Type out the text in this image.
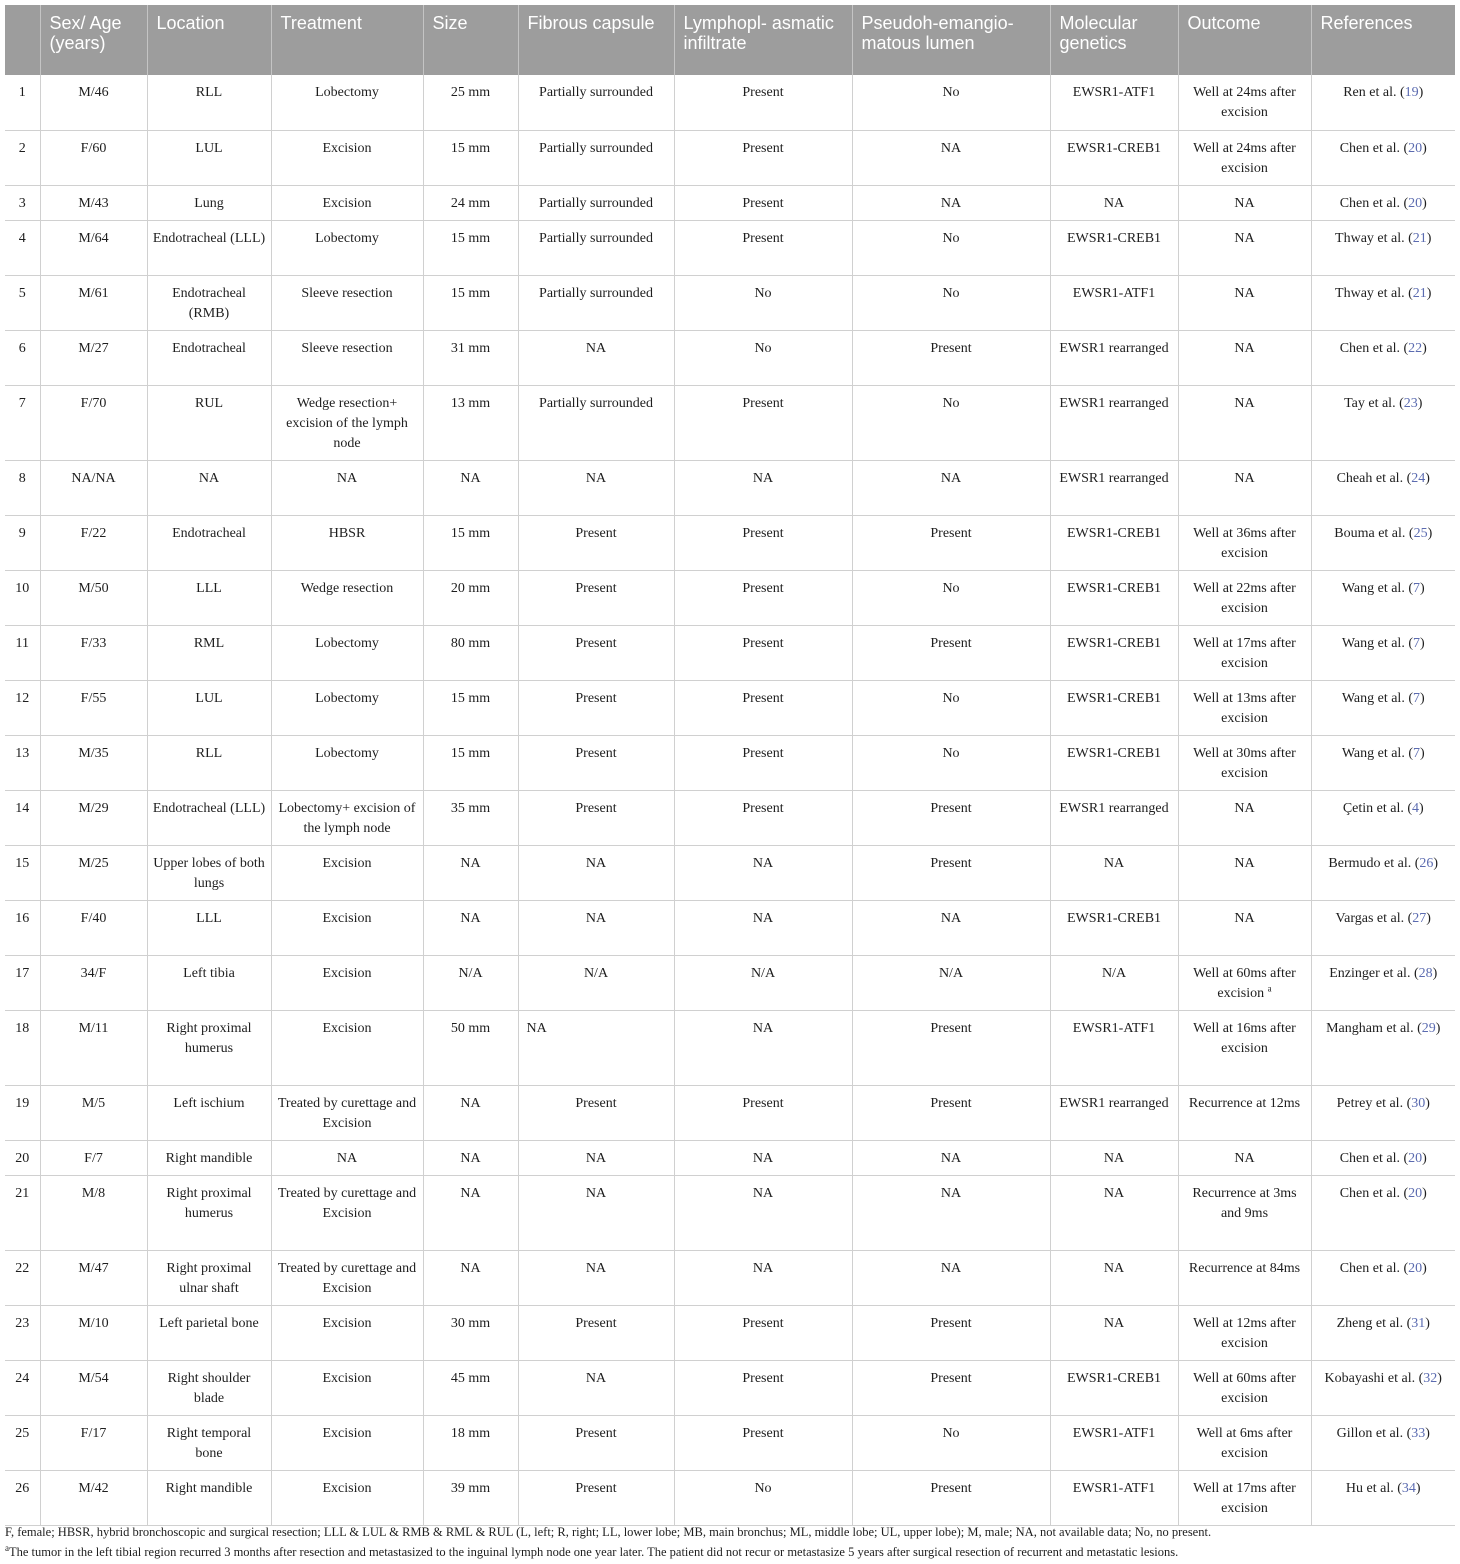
	Sex/ Age (years)	Location	Treatment	Size	Fibrous capsule	Lymphopl- asmatic infiltrate	Pseudoh-emangio- matous lumen	Molecular genetics	Outcome	References
1	M/46	RLL	Lobectomy	25 mm	Partially surrounded	Present	No	EWSR1-ATF1	Well at 24ms after excision	Ren et al. (19)
2	F/60	LUL	Excision	15 mm	Partially surrounded	Present	NA	EWSR1-CREB1	Well at 24ms after excision	Chen et al. (20)
3	M/43	Lung	Excision	24 mm	Partially surrounded	Present	NA	NA	NA	Chen et al. (20)
4	M/64	Endotracheal (LLL)	Lobectomy	15 mm	Partially surrounded	Present	No	EWSR1-CREB1	NA	Thway et al. (21)
5	M/61	Endotracheal (RMB)	Sleeve resection	15 mm	Partially surrounded	No	No	EWSR1-ATF1	NA	Thway et al. (21)
6	M/27	Endotracheal	Sleeve resection	31 mm	NA	No	Present	EWSR1 rearranged	NA	Chen et al. (22)
7	F/70	RUL	Wedge resection+ excision of the lymph node	13 mm	Partially surrounded	Present	No	EWSR1 rearranged	NA	Tay et al. (23)
8	NA/NA	NA	NA	NA	NA	NA	NA	EWSR1 rearranged	NA	Cheah et al. (24)
9	F/22	Endotracheal	HBSR	15 mm	Present	Present	Present	EWSR1-CREB1	Well at 36ms after excision	Bouma et al. (25)
10	M/50	LLL	Wedge resection	20 mm	Present	Present	No	EWSR1-CREB1	Well at 22ms after excision	Wang et al. (7)
11	F/33	RML	Lobectomy	80 mm	Present	Present	Present	EWSR1-CREB1	Well at 17ms after excision	Wang et al. (7)
12	F/55	LUL	Lobectomy	15 mm	Present	Present	No	EWSR1-CREB1	Well at 13ms after excision	Wang et al. (7)
13	M/35	RLL	Lobectomy	15 mm	Present	Present	No	EWSR1-CREB1	Well at 30ms after excision	Wang et al. (7)
14	M/29	Endotracheal (LLL)	Lobectomy+ excision of the lymph node	35 mm	Present	Present	Present	EWSR1 rearranged	NA	Çetin et al. (4)
15	M/25	Upper lobes of both lungs	Excision	NA	NA	NA	Present	NA	NA	Bermudo et al. (26)
16	F/40	LLL	Excision	NA	NA	NA	NA	EWSR1-CREB1	NA	Vargas et al. (27)
17	34/F	Left tibia	Excision	N/A	N/A	N/A	N/A	N/A	Well at 60ms after excision $^a$	Enzinger et al. (28)
18	M/11	Right proximal humerus	Excision	50 mm	NA	NA	Present	EWSR1-ATF1	Well at 16ms after excision	Mangham et al. (29)
19	M/5	Left ischium	Treated by curettage and Excision	NA	Present	Present	Present	EWSR1 rearranged	Recurrence at 12ms	Petrey et al. (30)
20	F/7	Right mandible	NA	NA	NA	NA	NA	NA	NA	Chen et al. (20)
21	M/8	Right proximal humerus	Treated by curettage and Excision	NA	NA	NA	NA	NA	Recurrence at 3ms and 9ms	Chen et al. (20)
22	M/47	Right proximal ulnar shaft	Treated by curettage and Excision	NA	NA	NA	NA	NA	Recurrence at 84ms	Chen et al. (20)
23	M/10	Left parietal bone	Excision	30 mm	Present	Present	Present	NA	Well at 12ms after excision	Zheng et al. (31)
24	M/54	Right shoulder blade	Excision	45 mm	NA	Present	Present	EWSR1-CREB1	Well at 60ms after excision	Kobayashi et al. (32)
25	F/17	Right temporal bone	Excision	18 mm	Present	Present	No	EWSR1-ATF1	Well at 6ms after excision	Gillon et al. (33)
26	M/42	Right mandible	Excision	39 mm	Present	No	Present	EWSR1-ATF1	Well at 17ms after excision	Hu et al. (34)

F, female; HBSR, hybrid bronchoscopic and surgical resection; LLL & LUL & RMB & RML & RUL (L, left; R, right; LL, lower lobe; MB, main bronchus; ML, middle lobe; UL, upper lobe); M, male; NA, not available data; No, no present.

$^a$The tumor in the left tibial region recurred 3 months after resection and metastasized to the inguinal lymph node one year later. The patient did not recur or metastasize 5 years after surgical resection of recurrent and metastatic lesions.
